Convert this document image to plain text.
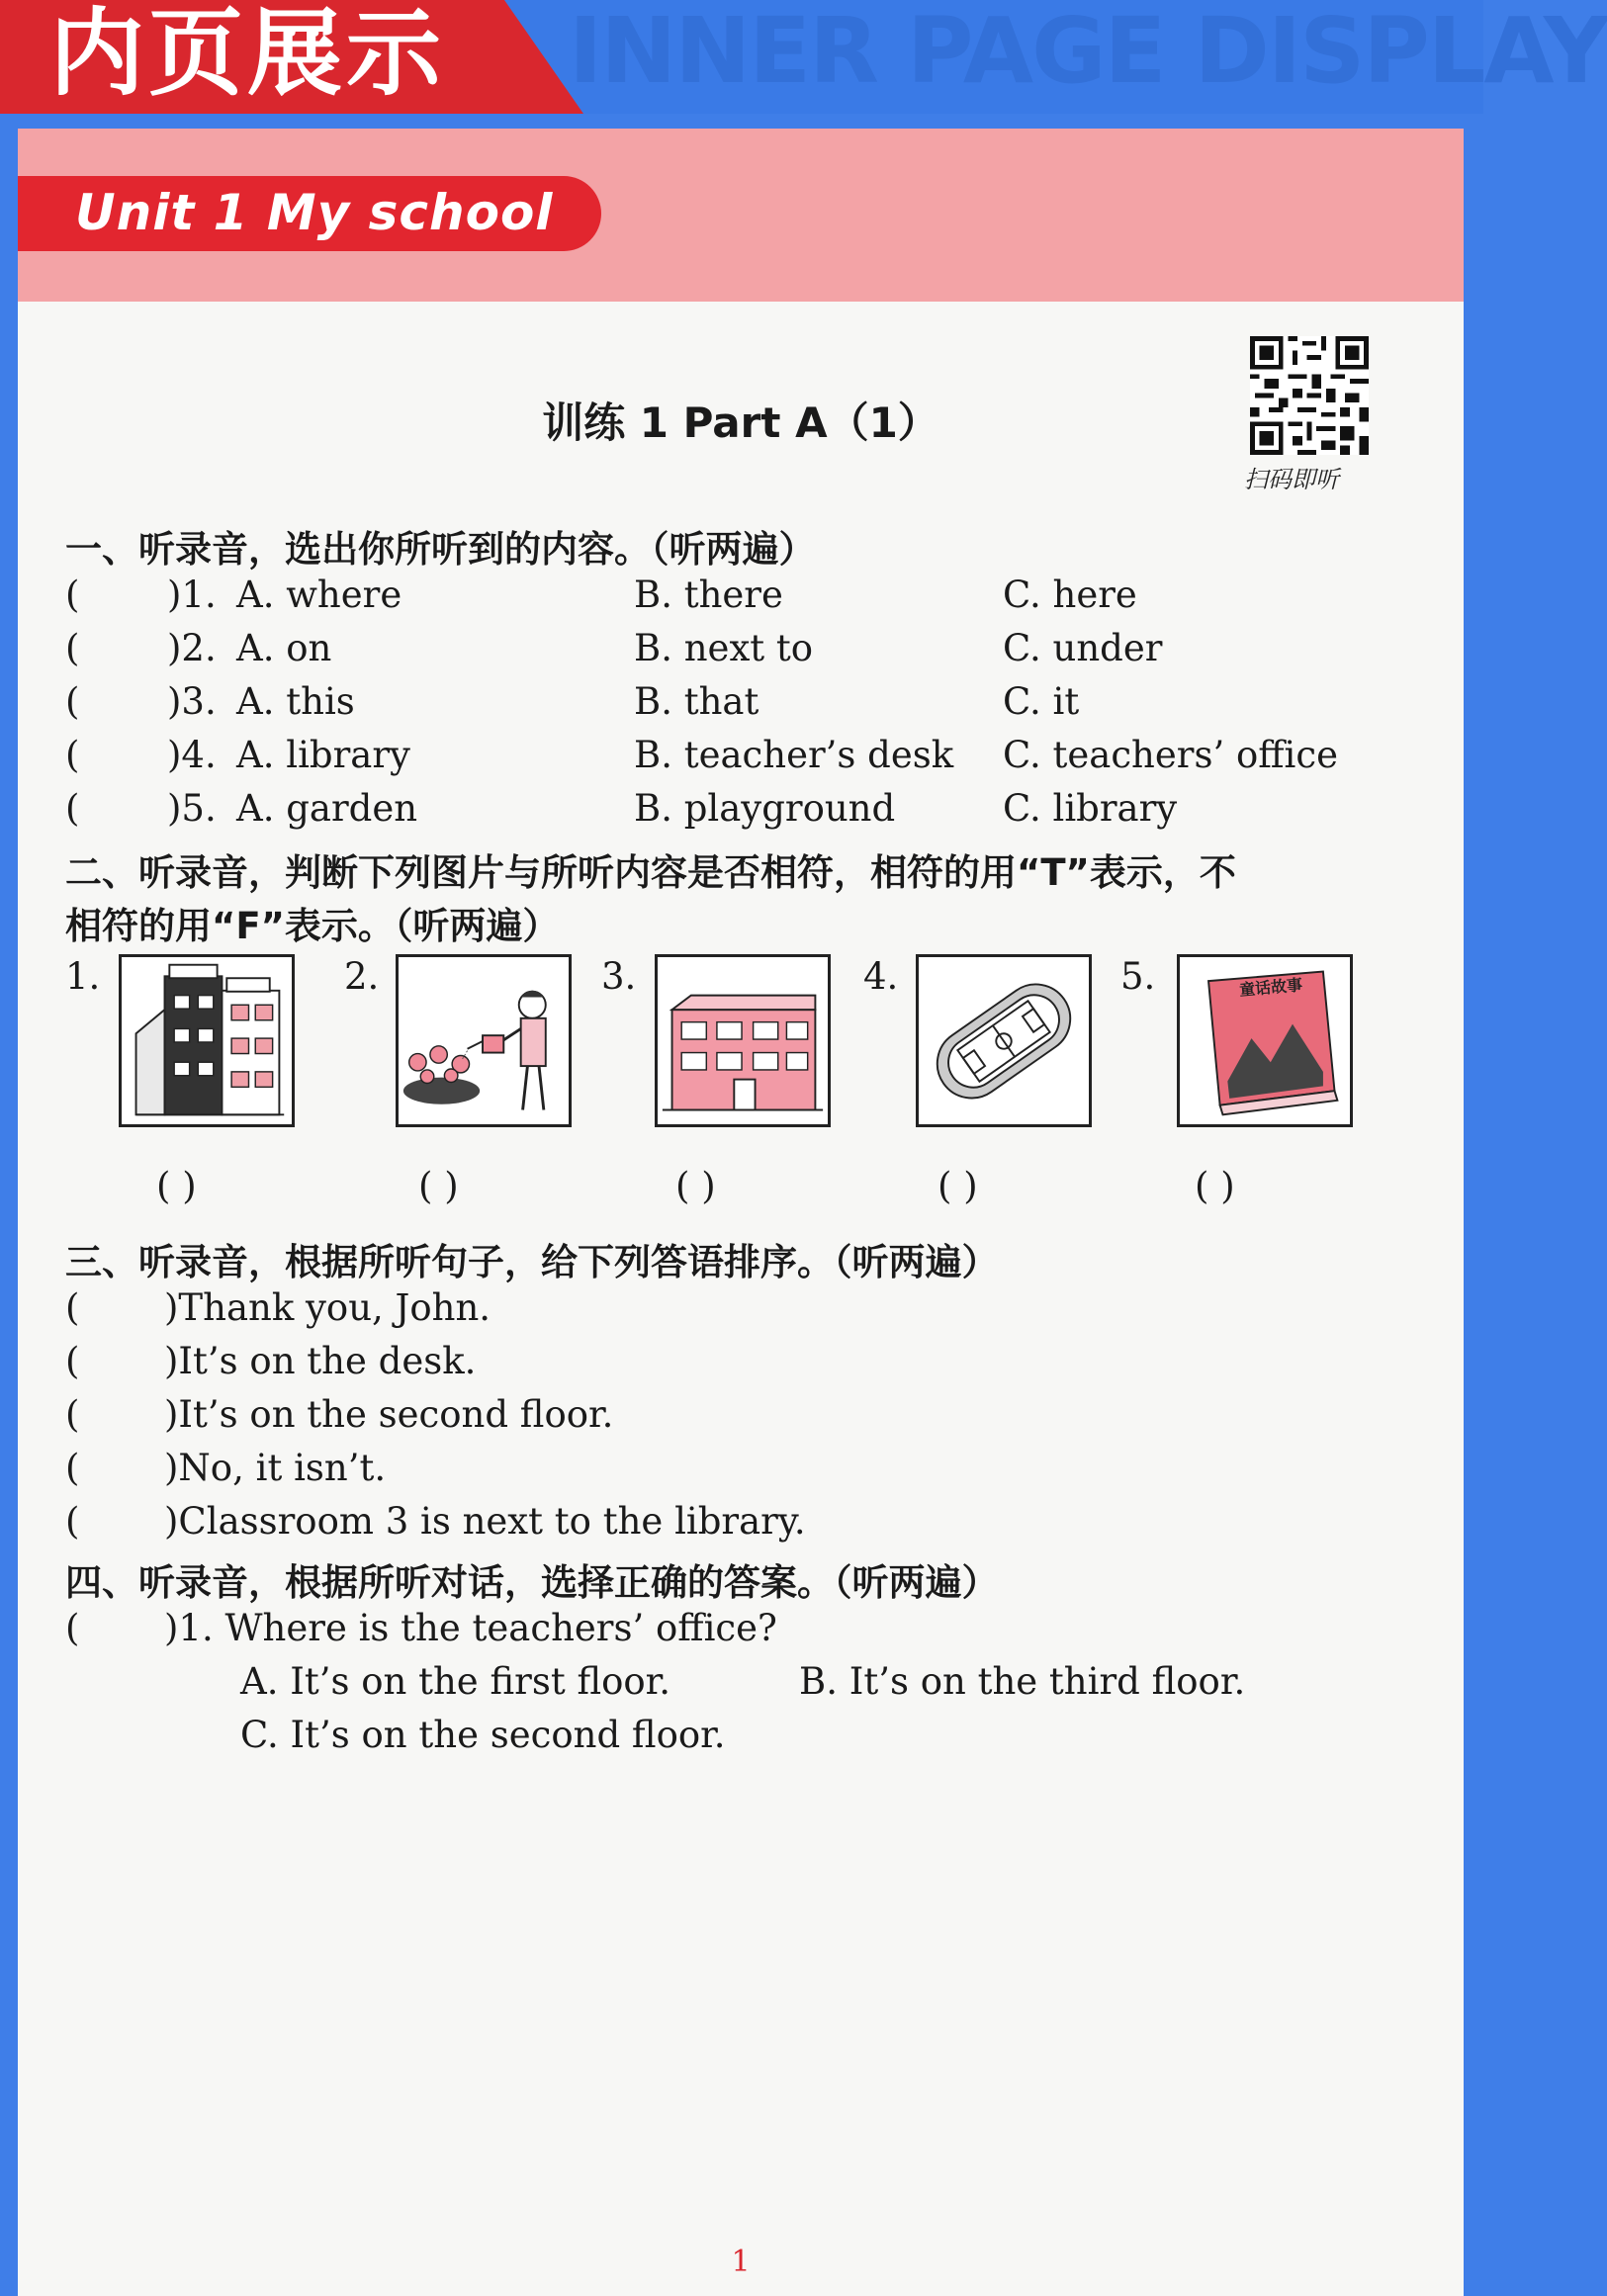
内页展示 INNER PAGE DISPLAY
Unit 1 My school
扫码即听
训练 1 Part A（1）
一、听录音，选出你所听到的内容。（听两遍）
( )1. A. where	B. there	C. here
( )2. A. on	B. next to	C. under
( )3. A. this	B. that	C. it
( )4. A. library	B. teacher’s desk C. teachers’ office
( )5. A. garden	B. playground	C. library
二、听录音，判断下列图片与所听内容是否相符，相符的用“T”表示，不
相符的用“F”表示。（听两遍）
1.
( )
2.
( )
3.
( )
4.
( )
5.	童话故事
( )
三、听录音，根据所听句子，给下列答语排序。（听两遍）
( )Thank you, John.
( )It’s on the desk.
( )It’s on the second floor.
( )No, it isn’t.
( )Classroom 3 is next to the library.
四、听录音，根据所听对话，选择正确的答案。（听两遍）
( )1. Where is the teachers’ office?
A. It’s on the first floor.	B. It’s on the third floor.
C. It’s on the second floor.
1
